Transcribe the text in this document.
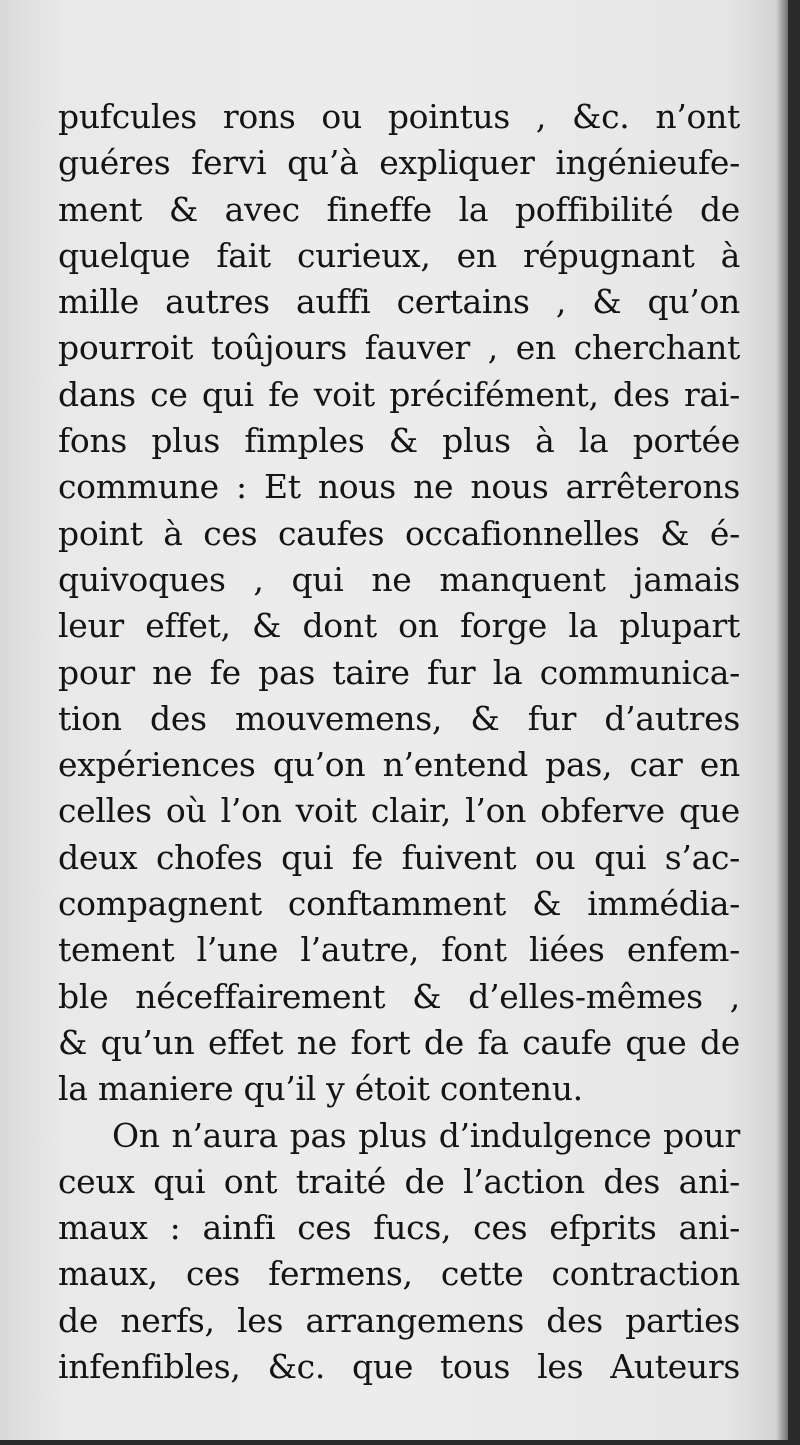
pufcules rons ou pointus , &c. n’ont
guéres fervi qu’à expliquer ingénieufe-
ment & avec fineffe la poffibilité de
quelque fait curieux, en répugnant à
mille autres auffi certains , & qu’on
pourroit toûjours fauver , en cherchant
dans ce qui fe voit précifément, des rai-
fons plus fimples & plus à la portée
commune : Et nous ne nous arrêterons
point à ces caufes occafionnelles & é-
quivoques , qui ne manquent jamais
leur effet, & dont on forge la plupart
pour ne fe pas taire fur la communica-
tion des mouvemens, & fur d’autres
expériences qu’on n’entend pas, car en
celles où l’on voit clair, l’on obferve que
deux chofes qui fe fuivent ou qui s’ac-
compagnent conftamment & immédia-
tement l’une l’autre, font liées enfem-
ble néceffairement & d’elles-mêmes ,
& qu’un effet ne fort de fa caufe que de
la maniere qu’il y étoit contenu.
On n’aura pas plus d’indulgence pour
ceux qui ont traité de l’action des ani-
maux : ainfi ces fucs, ces efprits ani-
maux, ces fermens, cette contraction
de nerfs, les arrangemens des parties
infenfibles, &c. que tous les Auteurs
